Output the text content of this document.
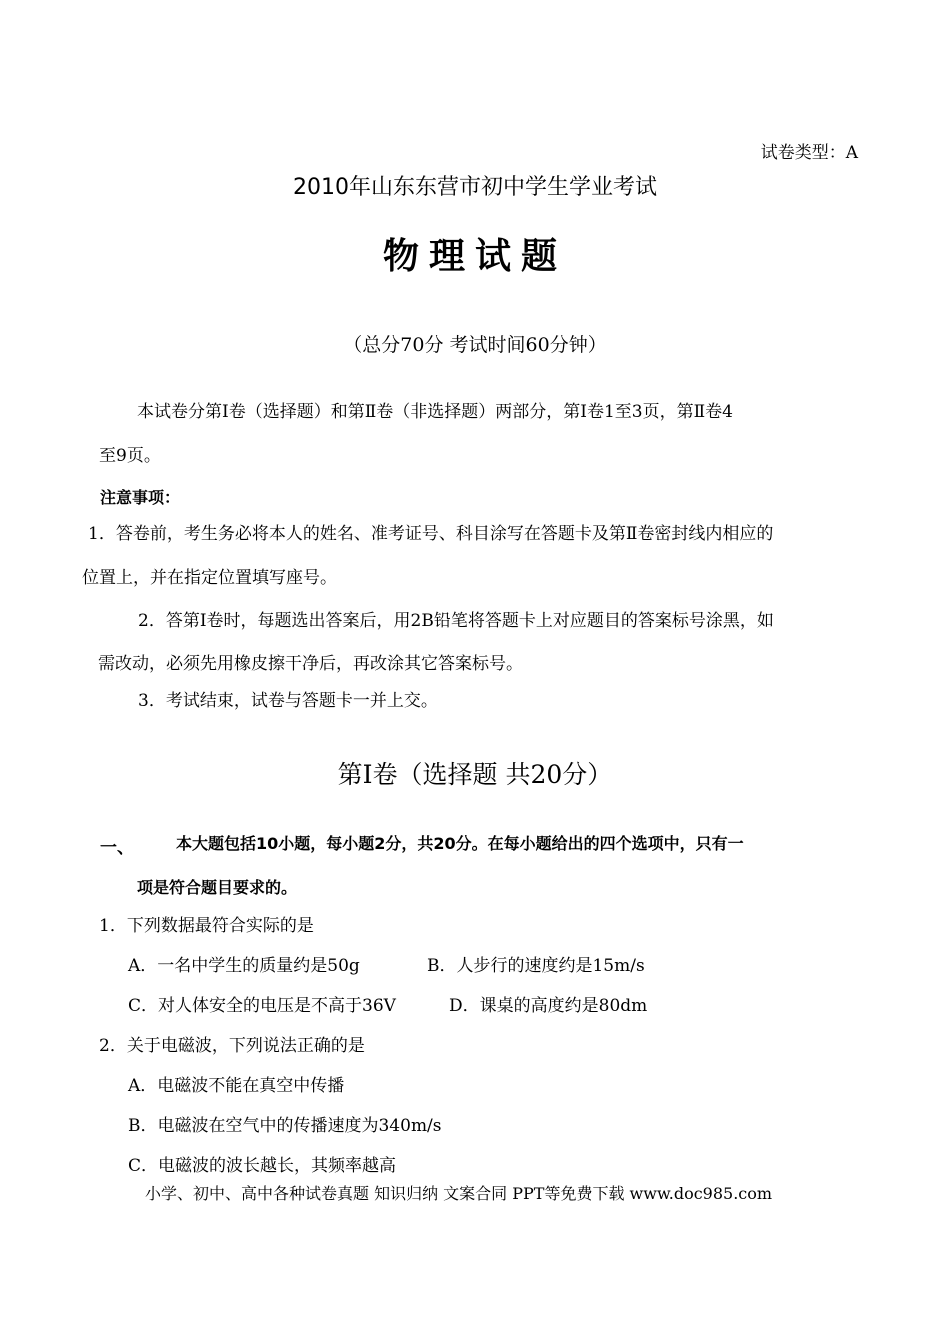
试卷类型：A
2010年山东东营市初中学生学业考试
物理试题
（总分70分 考试时间60分钟）
本试卷分第Ⅰ卷（选择题）和第Ⅱ卷（非选择题）两部分，第Ⅰ卷1至3页，第Ⅱ卷4
至9页。
注意事项：
1．答卷前，考生务必将本人的姓名、准考证号、科目涂写在答题卡及第Ⅱ卷密封线内相应的
位置上，并在指定位置填写座号。
2．答第Ⅰ卷时，每题选出答案后，用2B铅笔将答题卡上对应题目的答案标号涂黑，如
需改动，必须先用橡皮擦干净后，再改涂其它答案标号。
3．考试结束，试卷与答题卡一并上交。
第Ⅰ卷（选择题 共20分）
一、	本大题包括10小题，每小题2分，共20分。在每小题给出的四个选项中，只有一
项是符合题目要求的。
1．下列数据最符合实际的是
A．一名中学生的质量约是50g	B．人步行的速度约是15m/s
C．对人体安全的电压是不高于36V	D．课桌的高度约是80dm
2．关于电磁波，下列说法正确的是
A．电磁波不能在真空中传播
B．电磁波在空气中的传播速度为340m/s
C．电磁波的波长越长，其频率越高
小学、初中、高中各种试卷真题 知识归纳 文案合同 PPT等免费下载 www.doc985.com
